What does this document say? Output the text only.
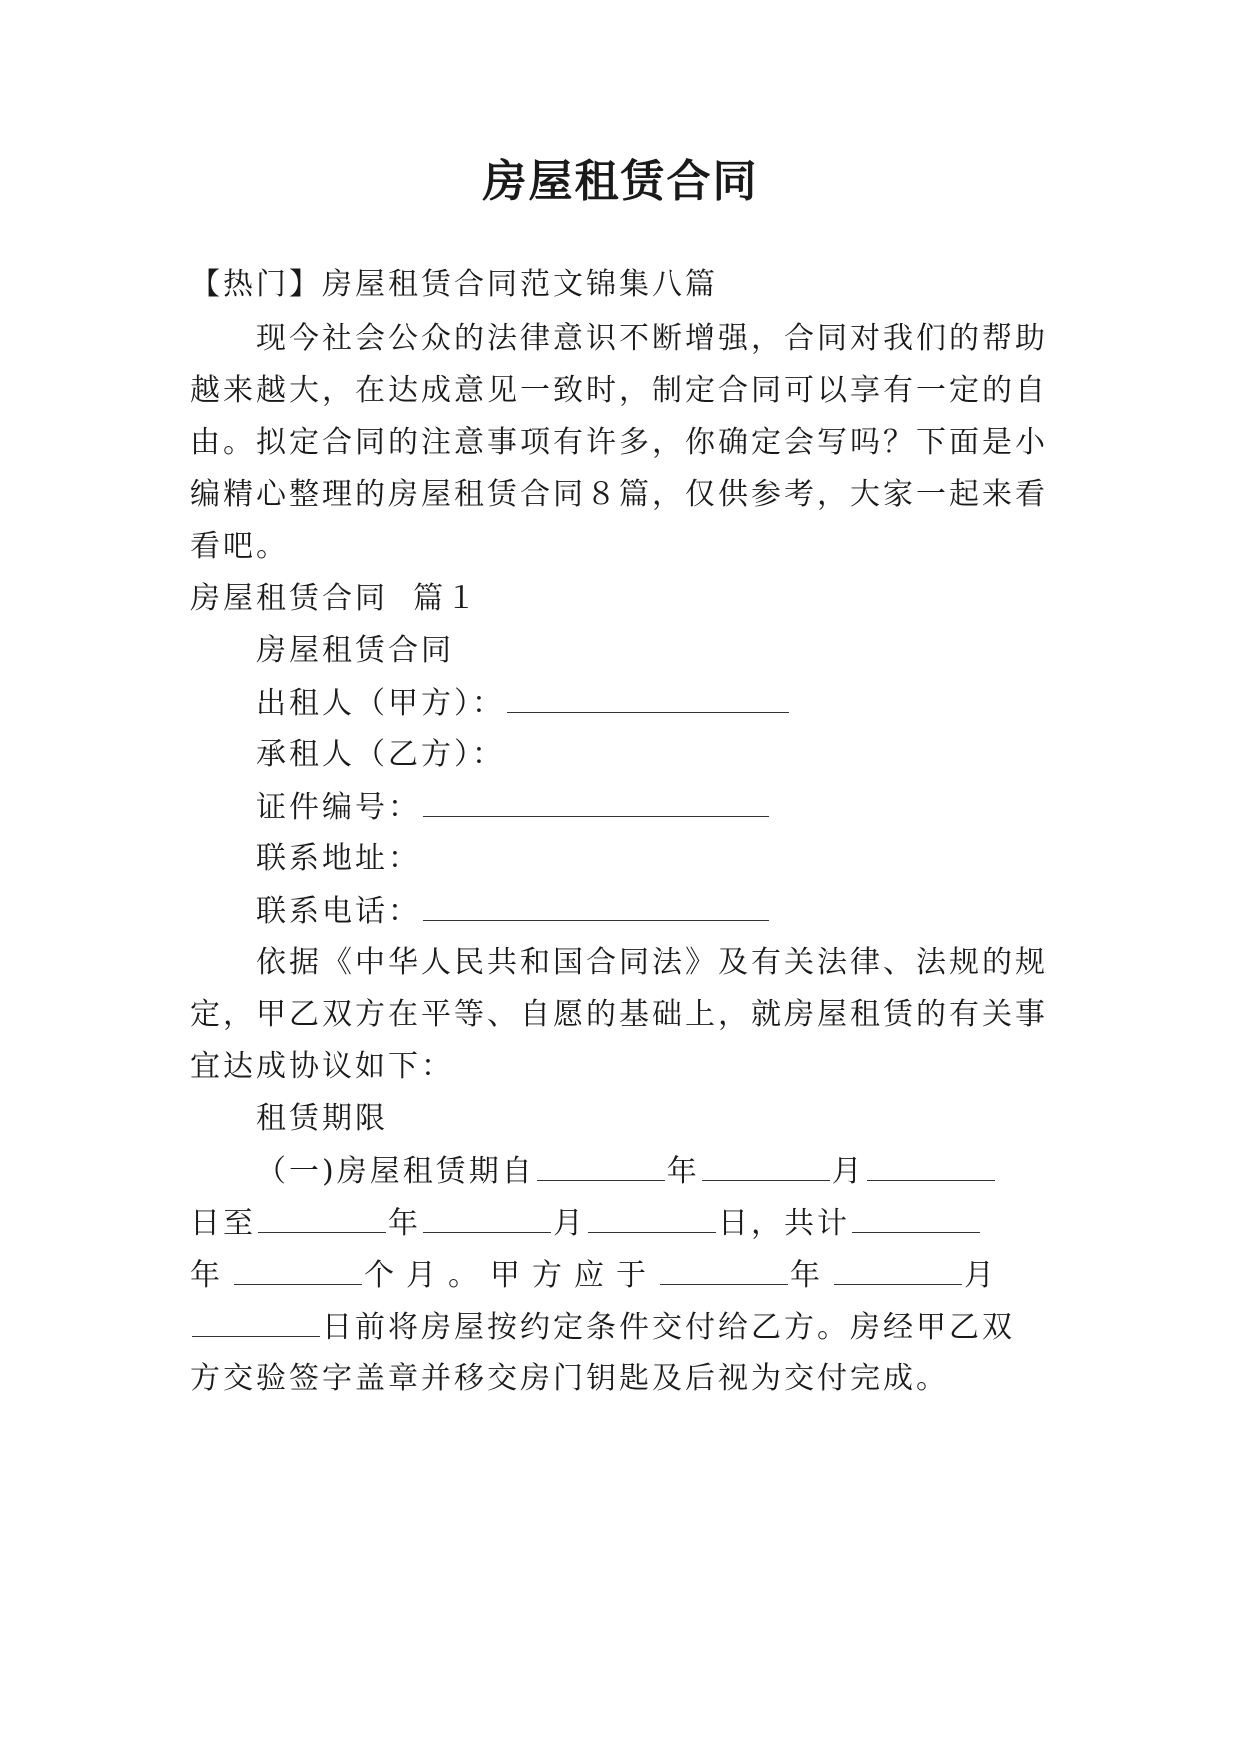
房屋租赁合同
【热门】房屋租赁合同范文锦集八篇
现今社会公众的法律意识不断增强，合同对我们的帮助
越来越大，在达成意见一致时，制定合同可以享有一定的自
由。拟定合同的注意事项有许多，你确定会写吗？下面是小
编精心整理的房屋租赁合同８篇，仅供参考，大家一起来看
看吧。
房屋租赁合同  篇１
房屋租赁合同
出租人（甲方）：
承租人（乙方）：
证件编号：
联系地址：
联系电话：
依据《中华人民共和国合同法》及有关法律、法规的规
定，甲乙双方在平等、自愿的基础上，就房屋租赁的有关事
宜达成协议如下：
租赁期限
（一)房屋租赁期自	年	月
日至	年	月	日，共计
年	个月。甲方应于	年	月
日前将房屋按约定条件交付给乙方。房经甲乙双
方交验签字盖章并移交房门钥匙及后视为交付完成。
